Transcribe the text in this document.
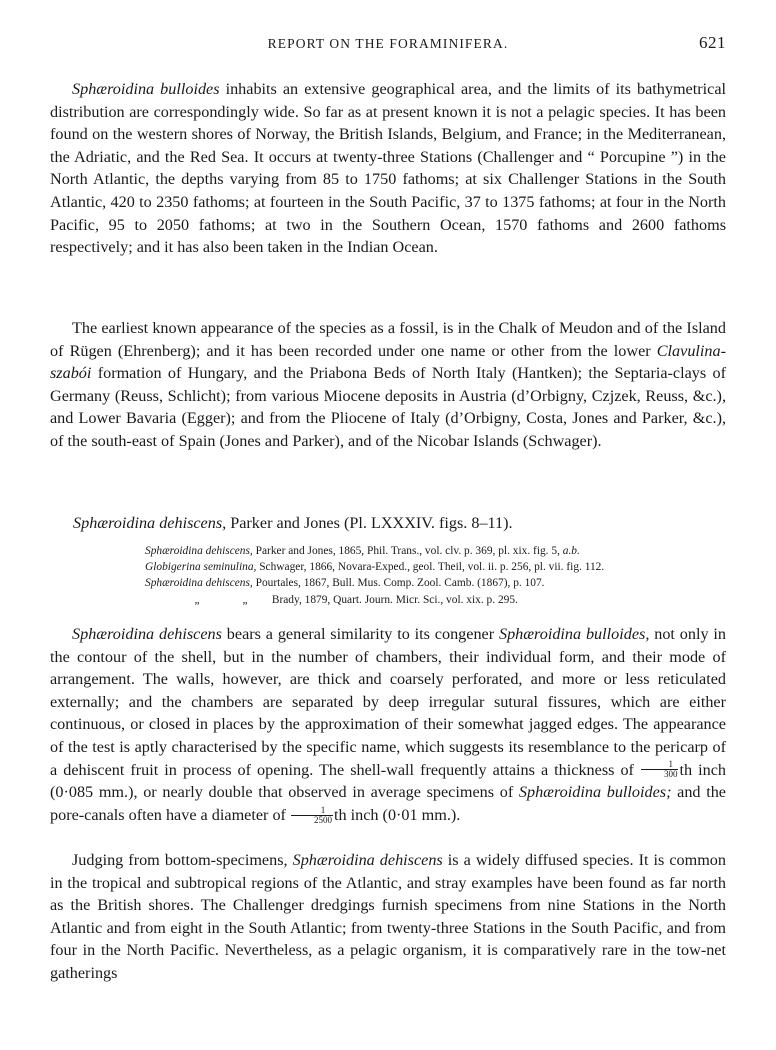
REPORT ON THE FORAMINIFERA.	621

Sphæroidina bulloides inhabits an extensive geographical area, and the limits of its bathymetrical distribution are correspondingly wide. So far as at present known it is not a pelagic species. It has been found on the western shores of Norway, the British Islands, Belgium, and France; in the Mediterranean, the Adriatic, and the Red Sea. It occurs at twenty-three Stations (Challenger and “ Porcupine ”) in the North Atlantic, the depths varying from 85 to 1750 fathoms; at six Challenger Stations in the South Atlantic, 420 to 2350 fathoms; at fourteen in the South Pacific, 37 to 1375 fathoms; at four in the North Pacific, 95 to 2050 fathoms; at two in the Southern Ocean, 1570 fathoms and 2600 fathoms respectively; and it has also been taken in the Indian Ocean.

The earliest known appearance of the species as a fossil, is in the Chalk of Meudon and of the Island of Rügen (Ehrenberg); and it has been recorded under one name or other from the lower Clavulina-szabói formation of Hungary, and the Priabona Beds of North Italy (Hantken); the Septaria-clays of Germany (Reuss, Schlicht); from various Miocene deposits in Austria (d’Orbigny, Czjzek, Reuss, &c.), and Lower Bavaria (Egger); and from the Pliocene of Italy (d’Orbigny, Costa, Jones and Parker, &c.), of the south-east of Spain (Jones and Parker), and of the Nicobar Islands (Schwager).

Sphæroidina dehiscens, Parker and Jones (Pl. LXXXIV. figs. 8–11).

Sphæroidina dehiscens, Parker and Jones, 1865, Phil. Trans., vol. clv. p. 369, pl. xix. fig. 5, a.b.
Globigerina seminulina, Schwager, 1866, Novara-Exped., geol. Theil, vol. ii. p. 256, pl. vii. fig. 112.
Sphæroidina dehiscens, Pourtales, 1867, Bull. Mus. Comp. Zool. Camb. (1867), p. 107.
„	„ Brady, 1879, Quart. Journ. Micr. Sci., vol. xix. p. 295.

Sphæroidina dehiscens bears a general similarity to its congener Sphæroidina bulloides, not only in the contour of the shell, but in the number of chambers, their individual form, and their mode of arrangement. The walls, however, are thick and coarsely perforated, and more or less reticulated externally; and the chambers are separated by deep irregular sutural fissures, which are either continuous, or closed in places by the approximation of their somewhat jagged edges. The appearance of the test is aptly characterised by the specific name, which suggests its resemblance to the pericarp of a dehiscent fruit in process of opening. The shell-wall frequently attains a thickness of $\frac{1}{300}$ th inch (0·085 mm.), or nearly double that observed in average specimens of Sphæroidina bulloides; and the pore-canals often have a diameter of $\frac{1}{2500}$ th inch (0·01 mm.).

Judging from bottom-specimens, Sphæroidina dehiscens is a widely diffused species. It is common in the tropical and subtropical regions of the Atlantic, and stray examples have been found as far north as the British shores. The Challenger dredgings furnish specimens from nine Stations in the North Atlantic and from eight in the South Atlantic; from twenty-three Stations in the South Pacific, and from four in the North Pacific. Nevertheless, as a pelagic organism, it is comparatively rare in the tow-net gatherings
